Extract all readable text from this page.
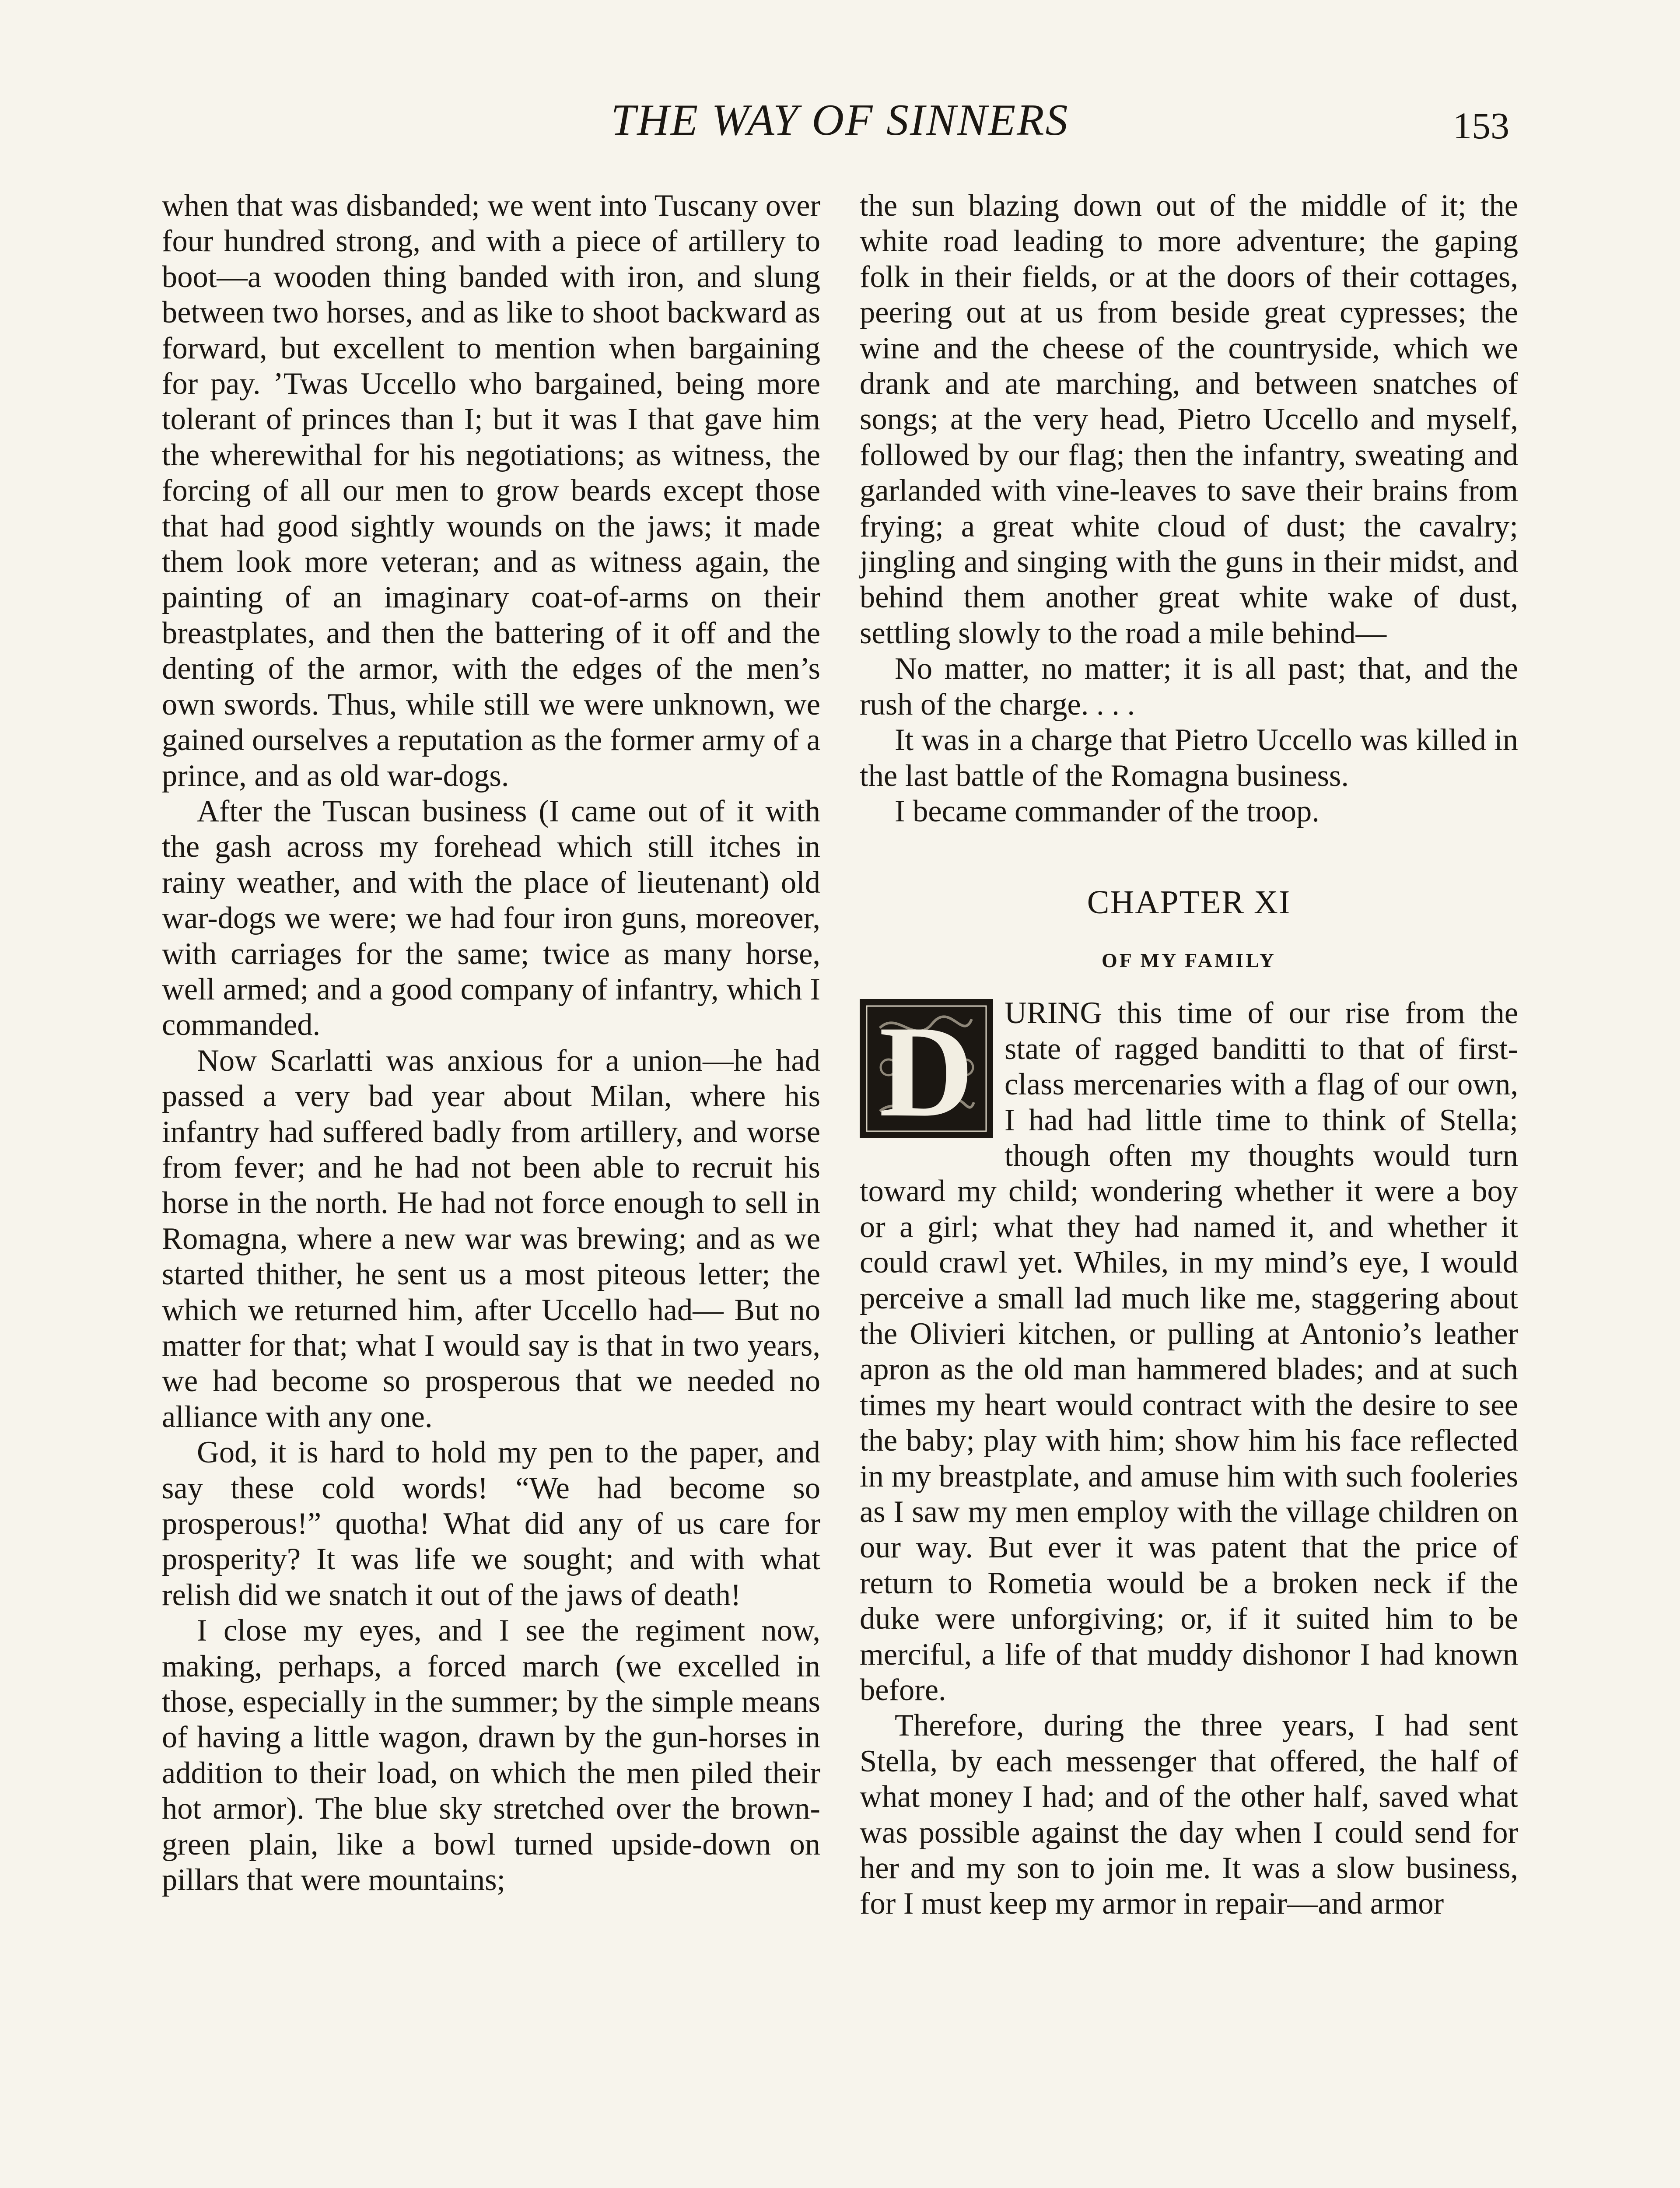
THE WAY OF SINNERS	153

when that was disbanded; we went into Tuscany over four hundred strong, and with a piece of artillery to boot—a wooden thing banded with iron, and slung between two horses, and as like to shoot backward as forward, but excellent to mention when bargaining for pay. ’Twas Uccello who bargained, being more tolerant of princes than I; but it was I that gave him the wherewithal for his negotiations; as witness, the forcing of all our men to grow beards except those that had good sightly wounds on the jaws; it made them look more veteran; and as witness again, the painting of an imaginary coat-of-arms on their breastplates, and then the battering of it off and the denting of the armor, with the edges of the men’s own swords. Thus, while still we were unknown, we gained ourselves a reputation as the former army of a prince, and as old war-dogs.

After the Tuscan business (I came out of it with the gash across my forehead which still itches in rainy weather, and with the place of lieutenant) old war-dogs we were; we had four iron guns, moreover, with carriages for the same; twice as many horse, well armed; and a good company of infantry, which I commanded.

Now Scarlatti was anxious for a union—he had passed a very bad year about Milan, where his infantry had suffered badly from artillery, and worse from fever; and he had not been able to recruit his horse in the north. He had not force enough to sell in Romagna, where a new war was brewing; and as we started thither, he sent us a most piteous letter; the which we returned him, after Uccello had— But no matter for that; what I would say is that in two years, we had become so prosperous that we needed no alliance with any one.

God, it is hard to hold my pen to the paper, and say these cold words! “We had become so prosperous!” quotha! What did any of us care for prosperity? It was life we sought; and with what relish did we snatch it out of the jaws of death!

I close my eyes, and I see the regiment now, making, perhaps, a forced march (we excelled in those, especially in the summer; by the simple means of having a little wagon, drawn by the gun-horses in addition to their load, on which the men piled their hot armor). The blue sky stretched over the brown-green plain, like a bowl turned upside-down on pillars that were mountains;

the sun blazing down out of the middle of it; the white road leading to more adventure; the gaping folk in their fields, or at the doors of their cottages, peering out at us from beside great cypresses; the wine and the cheese of the countryside, which we drank and ate marching, and between snatches of songs; at the very head, Pietro Uccello and myself, followed by our flag; then the infantry, sweating and garlanded with vine-leaves to save their brains from frying; a great white cloud of dust; the cavalry; jingling and singing with the guns in their midst, and behind them another great white wake of dust, settling slowly to the road a mile behind—

No matter, no matter; it is all past; that, and the rush of the charge. . . .

It was in a charge that Pietro Uccello was killed in the last battle of the Romagna business.

I became commander of the troop.

CHAPTER XI
OF MY FAMILY
D URING this time of our rise from the state of ragged banditti to that of first-class mercenaries with a flag of our own, I had had little time to think of Stella; though often my thoughts would turn toward my child; wondering whether it were a boy or a girl; what they had named it, and whether it could crawl yet. Whiles, in my mind’s eye, I would perceive a small lad much like me, staggering about the Olivieri kitchen, or pulling at Antonio’s leather apron as the old man hammered blades; and at such times my heart would contract with the desire to see the baby; play with him; show him his face reflected in my breastplate, and amuse him with such fooleries as I saw my men employ with the village children on our way. But ever it was patent that the price of return to Rometia would be a broken neck if the duke were unforgiving; or, if it suited him to be merciful, a life of that muddy dishonor I had known before.

Therefore, during the three years, I had sent Stella, by each messenger that offered, the half of what money I had; and of the other half, saved what was possible against the day when I could send for her and my son to join me. It was a slow business, for I must keep my armor in repair—and armor
